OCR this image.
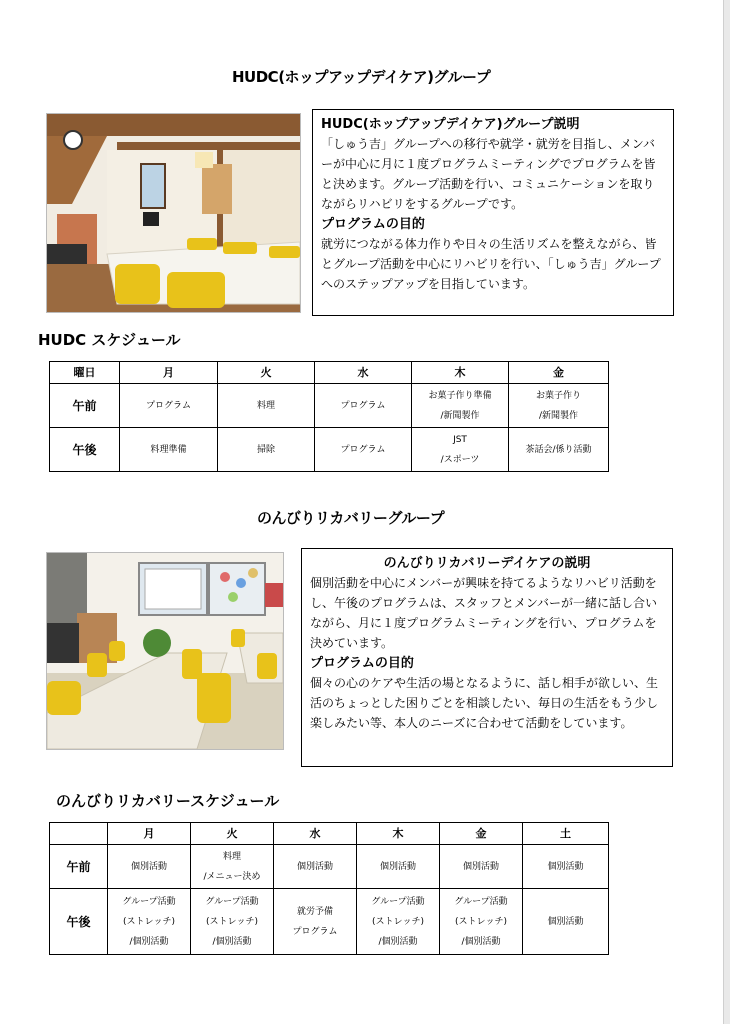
HUDC(ホップアップデイケア)グループ
HUDC(ホップアップデイケア)グループ説明

「しゅう吉」グループへの移行や就学・就労を目指し、メンバーが中心に月に１度プログラムミーティングでプログラムを皆と決めます。グループ活動を行い、コミュニケーションを取りながらリハビリをするグループです。

プログラムの目的

就労につながる体力作りや日々の生活リズムを整えながら、皆とグループ活動を中心にリハビリを行い、「しゅう吉」グループへのステップアップを目指しています。

HUDC スケジュール
曜日	月	火	水	木	金
午前	プログラム	料理	プログラム	お菓子作り準備
/新聞製作	お菓子作り
/新聞製作
午後	料理準備	掃除	プログラム	JST
/スポーツ	茶話会/係り活動
のんびりリカバリーグループ
のんびりリカバリーデイケアの説明

個別活動を中心にメンバーが興味を持てるようなリハビリ活動をし、午後のプログラムは、スタッフとメンバーが一緒に話し合いながら、月に１度プログラムミーティングを行い、プログラムを決めています。

プログラムの目的

個々の心のケアや生活の場となるように、話し相手が欲しい、生活のちょっとした困りごとを相談したい、毎日の生活をもう少し楽しみたい等、本人のニーズに合わせて活動をしています。

のんびりリカバリースケジュール
	月	火	水	木	金	土
午前	個別活動	料理
/メニュー決め	個別活動	個別活動	個別活動	個別活動
午後	グループ活動
(ストレッチ)
/個別活動	グループ活動
(ストレッチ)
/個別活動	就労予備
プログラム	グループ活動
(ストレッチ)
/個別活動	グループ活動
(ストレッチ)
/個別活動	個別活動
